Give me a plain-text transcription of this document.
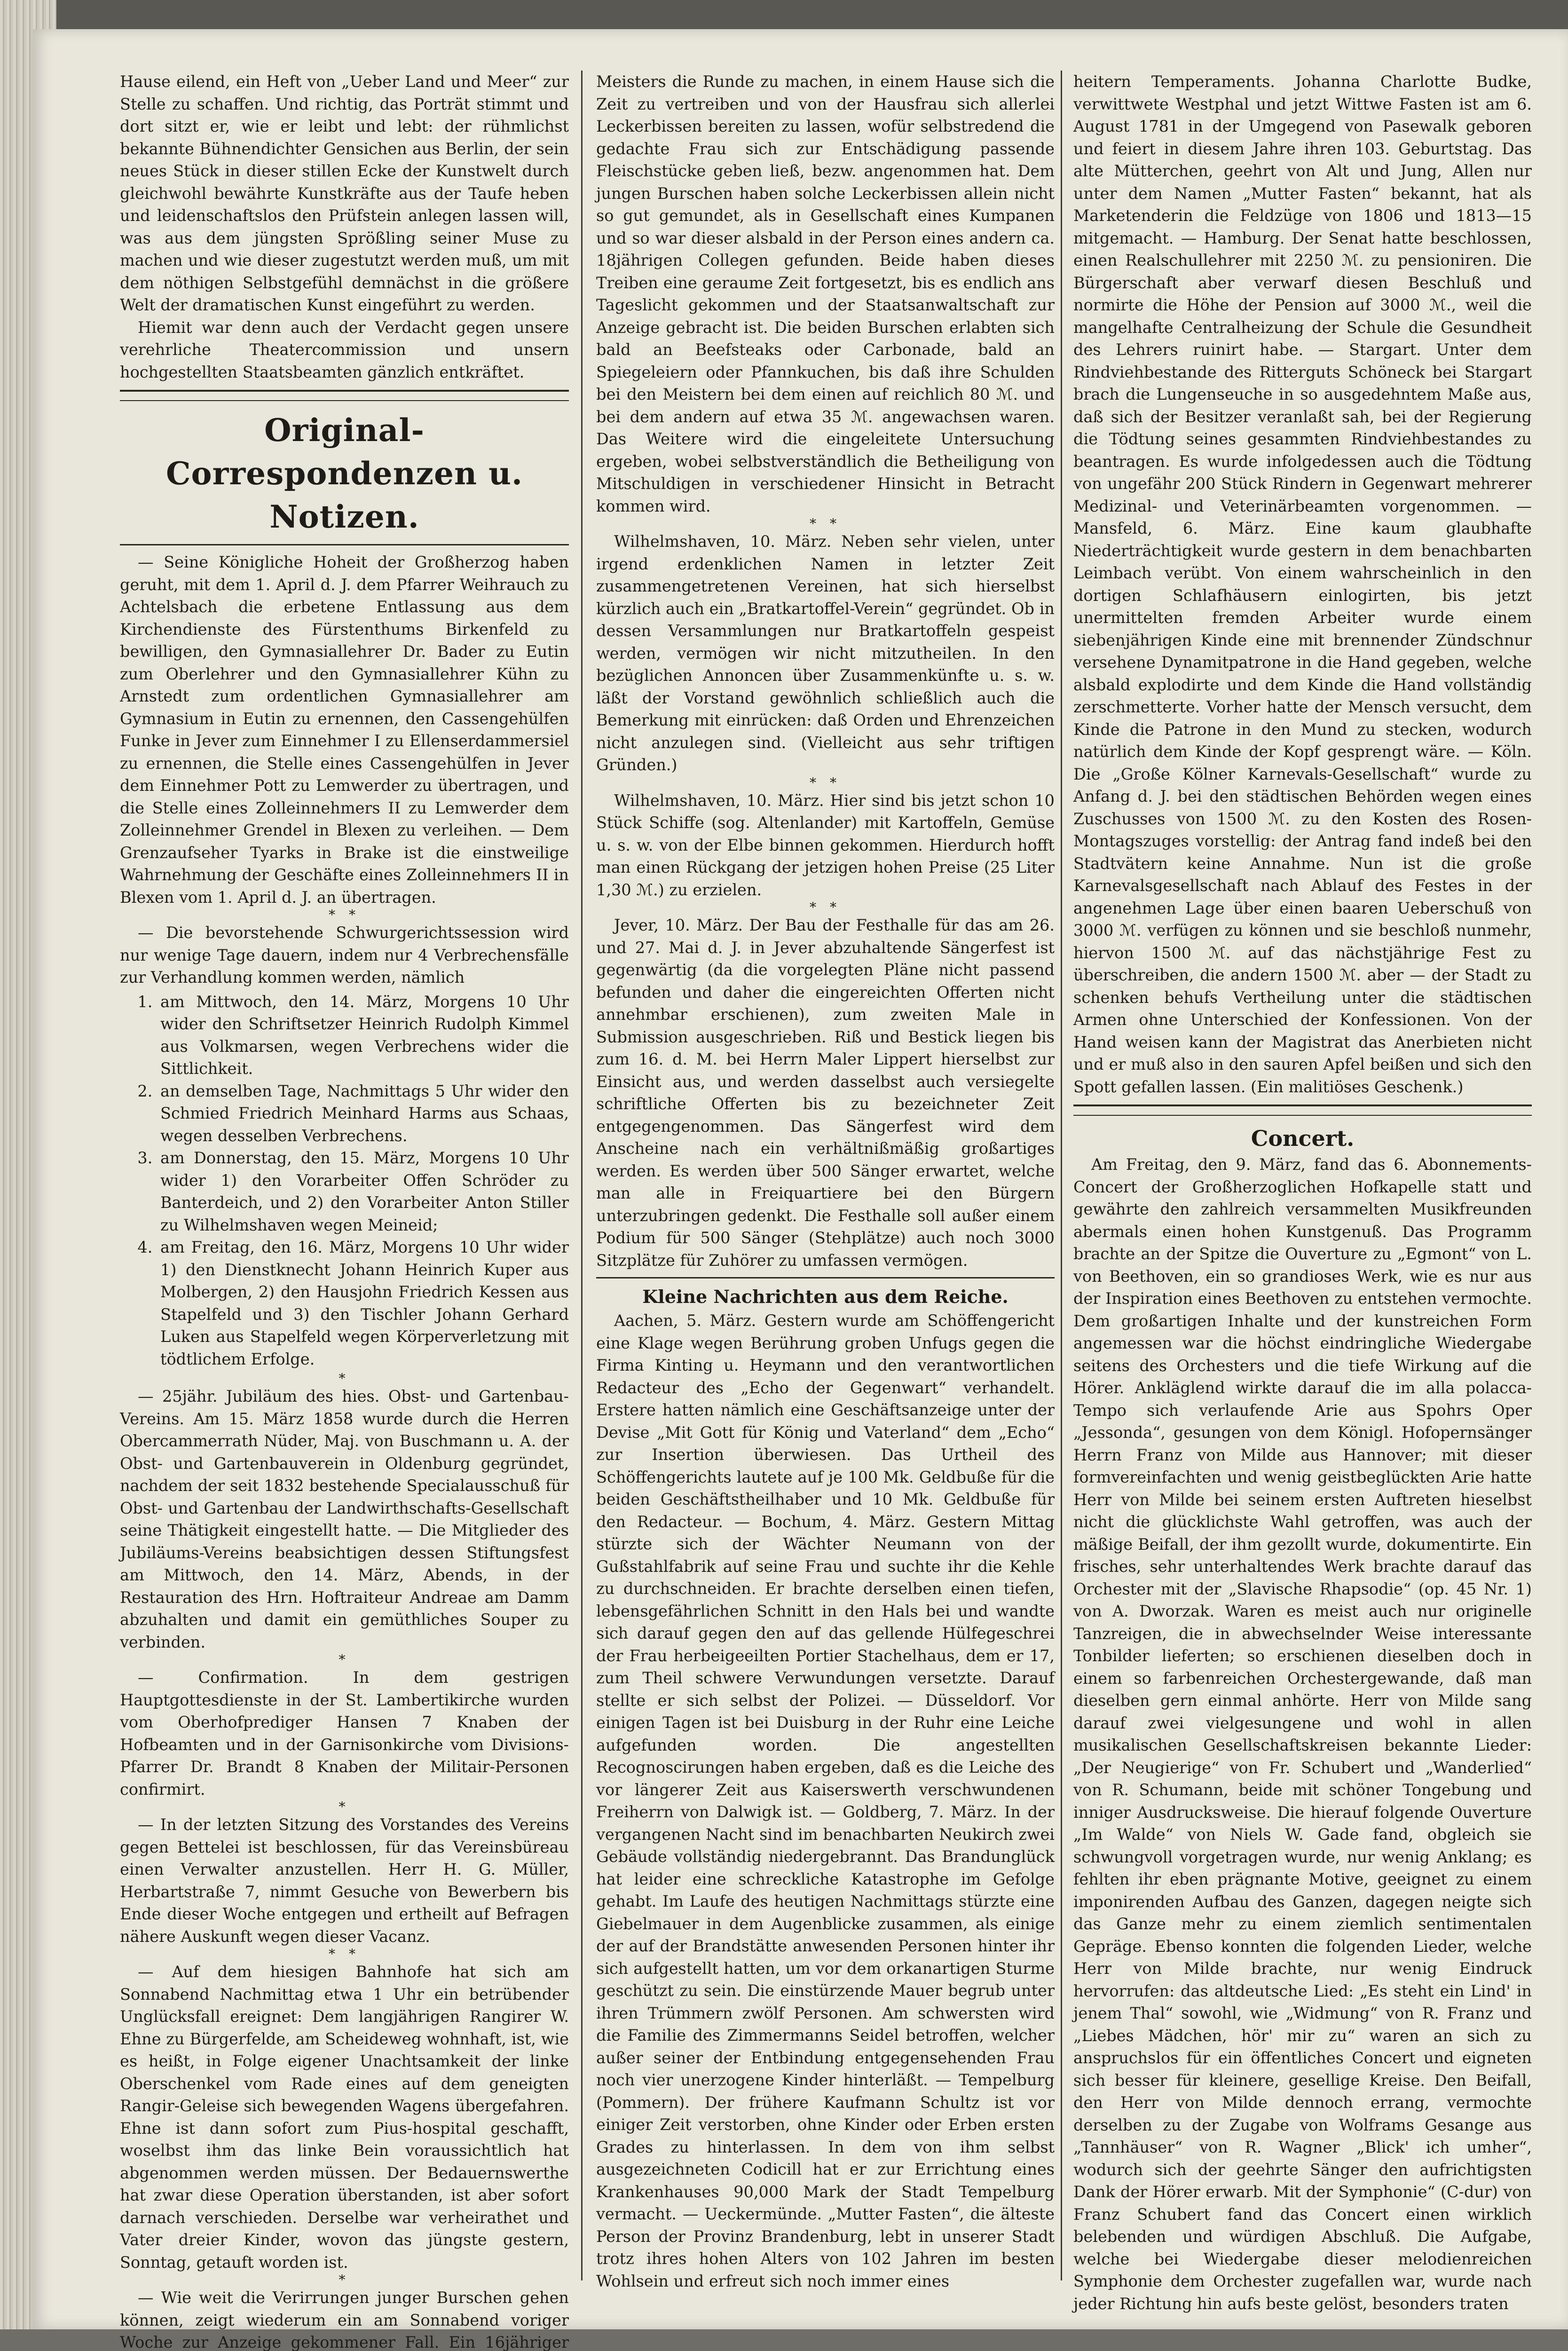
Hause eilend, ein Heft von „Ueber Land und Meer“ zur Stelle zu schaffen. Und richtig, das Porträt stimmt und dort sitzt er, wie er leibt und lebt: der rühmlichst bekannte Bühnendichter Gensichen aus Berlin, der sein neues Stück in dieser stillen Ecke der Kunstwelt durch gleichwohl bewährte Kunstkräfte aus der Taufe heben und leidenschaftslos den Prüfstein anlegen lassen will, was aus dem jüngsten Sprößling seiner Muse zu machen und wie dieser zugestutzt werden muß, um mit dem nöthigen Selbstgefühl demnächst in die größere Welt der dramatischen Kunst eingeführt zu werden.

Hiemit war denn auch der Verdacht gegen unsere verehrliche Theatercommission und unsern hochgestellten Staatsbeamten gänzlich entkräftet.

Original-Correspondenzen u. Notizen.

— Seine Königliche Hoheit der Großherzog haben geruht, mit dem 1. April d. J. dem Pfarrer Weihrauch zu Achtelsbach die erbetene Entlassung aus dem Kirchendienste des Fürstenthums Birkenfeld zu bewilligen, den Gymnasiallehrer Dr. Bader zu Eutin zum Oberlehrer und den Gymnasiallehrer Kühn zu Arnstedt zum ordentlichen Gymnasiallehrer am Gymnasium in Eutin zu ernennen, den Cassengehülfen Funke in Jever zum Einnehmer I zu Ellenserdammersiel zu ernennen, die Stelle eines Cassengehülfen in Jever dem Einnehmer Pott zu Lemwerder zu übertragen, und die Stelle eines Zolleinnehmers II zu Lemwerder dem Zolleinnehmer Grendel in Blexen zu verleihen. — Dem Grenzaufseher Tyarks in Brake ist die einstweilige Wahrnehmung der Geschäfte eines Zolleinnehmers II in Blexen vom 1. April d. J. an übertragen.

* *

— Die bevorstehende Schwurgerichtssession wird nur wenige Tage dauern, indem nur 4 Verbrechensfälle zur Verhandlung kommen werden, nämlich

1. am Mittwoch, den 14. März, Morgens 10 Uhr wider den Schriftsetzer Heinrich Rudolph Kimmel aus Volkmarsen, wegen Verbrechens wider die Sittlichkeit.
2. an demselben Tage, Nachmittags 5 Uhr wider den Schmied Friedrich Meinhard Harms aus Schaas, wegen desselben Verbrechens.
3. am Donnerstag, den 15. März, Morgens 10 Uhr wider 1) den Vorarbeiter Offen Schröder zu Banterdeich, und 2) den Vorarbeiter Anton Stiller zu Wilhelmshaven wegen Meineid;
4. am Freitag, den 16. März, Morgens 10 Uhr wider 1) den Dienstknecht Johann Heinrich Kuper aus Molbergen, 2) den Hausjohn Friedrich Kessen aus Stapelfeld und 3) den Tischler Johann Gerhard Luken aus Stapelfeld wegen Körperverletzung mit tödtlichem Erfolge.
*

— 25jähr. Jubiläum des hies. Obst- und Gartenbau-Vereins. Am 15. März 1858 wurde durch die Herren Obercammerrath Nüder, Maj. von Buschmann u. A. der Obst- und Gartenbauverein in Oldenburg gegründet, nachdem der seit 1832 bestehende Specialausschuß für Obst- und Gartenbau der Landwirthschafts-Gesellschaft seine Thätigkeit eingestellt hatte. — Die Mitglieder des Jubiläums-Vereins beabsichtigen dessen Stiftungsfest am Mittwoch, den 14. März, Abends, in der Restauration des Hrn. Hoftraiteur Andreae am Damm abzuhalten und damit ein gemüthliches Souper zu verbinden.

*

— Confirmation. In dem gestrigen Hauptgottesdienste in der St. Lambertikirche wurden vom Oberhofprediger Hansen 7 Knaben der Hofbeamten und in der Garnisonkirche vom Divisions-Pfarrer Dr. Brandt 8 Knaben der Militair-Personen confirmirt.

*

— In der letzten Sitzung des Vorstandes des Vereins gegen Bettelei ist beschlossen, für das Vereinsbüreau einen Verwalter anzustellen. Herr H. G. Müller, Herbartstraße 7, nimmt Gesuche von Bewerbern bis Ende dieser Woche entgegen und ertheilt auf Befragen nähere Auskunft wegen dieser Vacanz.

* *

— Auf dem hiesigen Bahnhofe hat sich am Sonnabend Nachmittag etwa 1 Uhr ein betrübender Unglücksfall ereignet: Dem langjährigen Rangirer W. Ehne zu Bürgerfelde, am Scheideweg wohnhaft, ist, wie es heißt, in Folge eigener Unachtsamkeit der linke Oberschenkel vom Rade eines auf dem geneigten Rangir-Geleise sich bewegenden Wagens übergefahren. Ehne ist dann sofort zum Pius-hospital geschafft, woselbst ihm das linke Bein voraussichtlich hat abgenommen werden müssen. Der Bedauernswerthe hat zwar diese Operation überstanden, ist aber sofort darnach verschieden. Derselbe war verheirathet und Vater dreier Kinder, wovon das jüngste gestern, Sonntag, getauft worden ist.

*

— Wie weit die Verirrungen junger Burschen gehen können, zeigt wiederum ein am Sonnabend voriger Woche zur Anzeige gekommener Fall. Ein 16jähriger

Meisters die Runde zu machen, in einem Hause sich die Zeit zu vertreiben und von der Hausfrau sich allerlei Leckerbissen bereiten zu lassen, wofür selbstredend die gedachte Frau sich zur Entschädigung passende Fleischstücke geben ließ, bezw. angenommen hat. Dem jungen Burschen haben solche Leckerbissen allein nicht so gut gemundet, als in Gesellschaft eines Kumpanen und so war dieser alsbald in der Person eines andern ca. 18jährigen Collegen gefunden. Beide haben dieses Treiben eine geraume Zeit fortgesetzt, bis es endlich ans Tageslicht gekommen und der Staatsanwaltschaft zur Anzeige gebracht ist. Die beiden Burschen erlabten sich bald an Beefsteaks oder Carbonade, bald an Spiegeleiern oder Pfannkuchen, bis daß ihre Schulden bei den Meistern bei dem einen auf reichlich 80 ℳ. und bei dem andern auf etwa 35 ℳ. angewachsen waren. Das Weitere wird die eingeleitete Untersuchung ergeben, wobei selbstverständlich die Betheiligung von Mitschuldigen in verschiedener Hinsicht in Betracht kommen wird.

* *

Wilhelmshaven, 10. März. Neben sehr vielen, unter irgend erdenklichen Namen in letzter Zeit zusammengetretenen Vereinen, hat sich hierselbst kürzlich auch ein „Bratkartoffel-Verein“ gegründet. Ob in dessen Versammlungen nur Bratkartoffeln gespeist werden, vermögen wir nicht mitzutheilen. In den bezüglichen Annoncen über Zusammenkünfte u. s. w. läßt der Vorstand gewöhnlich schließlich auch die Bemerkung mit einrücken: daß Orden und Ehrenzeichen nicht anzulegen sind. (Vielleicht aus sehr triftigen Gründen.)

* *

Wilhelmshaven, 10. März. Hier sind bis jetzt schon 10 Stück Schiffe (sog. Altenlander) mit Kartoffeln, Gemüse u. s. w. von der Elbe binnen gekommen. Hierdurch hofft man einen Rückgang der jetzigen hohen Preise (25 Liter 1,30 ℳ.) zu erzielen.

* *

Jever, 10. März. Der Bau der Festhalle für das am 26. und 27. Mai d. J. in Jever abzuhaltende Sängerfest ist gegenwärtig (da die vorgelegten Pläne nicht passend befunden und daher die eingereichten Offerten nicht annehmbar erschienen), zum zweiten Male in Submission ausgeschrieben. Riß und Bestick liegen bis zum 16. d. M. bei Herrn Maler Lippert hierselbst zur Einsicht aus, und werden dasselbst auch versiegelte schriftliche Offerten bis zu bezeichneter Zeit entgegengenommen. Das Sängerfest wird dem Anscheine nach ein verhältnißmäßig großartiges werden. Es werden über 500 Sänger erwartet, welche man alle in Freiquartiere bei den Bürgern unterzubringen gedenkt. Die Festhalle soll außer einem Podium für 500 Sänger (Stehplätze) auch noch 3000 Sitzplätze für Zuhörer zu umfassen vermögen.

Kleine Nachrichten aus dem Reiche.

Aachen, 5. März. Gestern wurde am Schöffengericht eine Klage wegen Berührung groben Unfugs gegen die Firma Kinting u. Heymann und den verantwortlichen Redacteur des „Echo der Gegenwart“ verhandelt. Erstere hatten nämlich eine Geschäftsanzeige unter der Devise „Mit Gott für König und Vaterland“ dem „Echo“ zur Insertion überwiesen. Das Urtheil des Schöffengerichts lautete auf je 100 Mk. Geldbuße für die beiden Geschäftstheilhaber und 10 Mk. Geldbuße für den Redacteur. — Bochum, 4. März. Gestern Mittag stürzte sich der Wächter Neumann von der Gußstahlfabrik auf seine Frau und suchte ihr die Kehle zu durchschneiden. Er brachte derselben einen tiefen, lebensgefährlichen Schnitt in den Hals bei und wandte sich darauf gegen den auf das gellende Hülfegeschrei der Frau herbeigeeilten Portier Stachelhaus, dem er 17, zum Theil schwere Verwundungen versetzte. Darauf stellte er sich selbst der Polizei. — Düsseldorf. Vor einigen Tagen ist bei Duisburg in der Ruhr eine Leiche aufgefunden worden. Die angestellten Recognoscirungen haben ergeben, daß es die Leiche des vor längerer Zeit aus Kaiserswerth verschwundenen Freiherrn von Dalwigk ist. — Goldberg, 7. März. In der vergangenen Nacht sind im benachbarten Neukirch zwei Gebäude vollständig niedergebrannt. Das Brandunglück hat leider eine schreckliche Katastrophe im Gefolge gehabt. Im Laufe des heutigen Nachmittags stürzte eine Giebelmauer in dem Augenblicke zusammen, als einige der auf der Brandstätte anwesenden Personen hinter ihr sich aufgestellt hatten, um vor dem orkanartigen Sturme geschützt zu sein. Die einstürzende Mauer begrub unter ihren Trümmern zwölf Personen. Am schwersten wird die Familie des Zimmermanns Seidel betroffen, welcher außer seiner der Entbindung entgegensehenden Frau noch vier unerzogene Kinder hinterläßt. — Tempelburg (Pommern). Der frühere Kaufmann Schultz ist vor einiger Zeit verstorben, ohne Kinder oder Erben ersten Grades zu hinterlassen. In dem von ihm selbst ausgezeichneten Codicill hat er zur Errichtung eines Krankenhauses 90,000 Mark der Stadt Tempelburg vermacht. — Ueckermünde. „Mutter Fasten“, die älteste Person der Provinz Brandenburg, lebt in unserer Stadt trotz ihres hohen Alters von 102 Jahren im besten Wohlsein und erfreut sich noch immer eines

heitern Temperaments. Johanna Charlotte Budke, verwittwete Westphal und jetzt Wittwe Fasten ist am 6. August 1781 in der Umgegend von Pasewalk geboren und feiert in diesem Jahre ihren 103. Geburtstag. Das alte Mütterchen, geehrt von Alt und Jung, Allen nur unter dem Namen „Mutter Fasten“ bekannt, hat als Marketenderin die Feldzüge von 1806 und 1813—15 mitgemacht. — Hamburg. Der Senat hatte beschlossen, einen Realschullehrer mit 2250 ℳ. zu pensioniren. Die Bürgerschaft aber verwarf diesen Beschluß und normirte die Höhe der Pension auf 3000 ℳ., weil die mangelhafte Centralheizung der Schule die Gesundheit des Lehrers ruinirt habe. — Stargart. Unter dem Rindviehbestande des Ritterguts Schöneck bei Stargart brach die Lungenseuche in so ausgedehntem Maße aus, daß sich der Besitzer veranlaßt sah, bei der Regierung die Tödtung seines gesammten Rindviehbestandes zu beantragen. Es wurde infolgedessen auch die Tödtung von ungefähr 200 Stück Rindern in Gegenwart mehrerer Medizinal- und Veterinärbeamten vorgenommen. — Mansfeld, 6. März. Eine kaum glaubhafte Niederträchtigkeit wurde gestern in dem benachbarten Leimbach verübt. Von einem wahrscheinlich in den dortigen Schlafhäusern einlogirten, bis jetzt unermittelten fremden Arbeiter wurde einem siebenjährigen Kinde eine mit brennender Zündschnur versehene Dynamitpatrone in die Hand gegeben, welche alsbald explodirte und dem Kinde die Hand vollständig zerschmetterte. Vorher hatte der Mensch versucht, dem Kinde die Patrone in den Mund zu stecken, wodurch natürlich dem Kinde der Kopf gesprengt wäre. — Köln. Die „Große Kölner Karnevals-Gesellschaft“ wurde zu Anfang d. J. bei den städtischen Behörden wegen eines Zuschusses von 1500 ℳ. zu den Kosten des Rosen-Montagszuges vorstellig: der Antrag fand indeß bei den Stadtvätern keine Annahme. Nun ist die große Karnevalsgesellschaft nach Ablauf des Festes in der angenehmen Lage über einen baaren Ueberschuß von 3000 ℳ. verfügen zu können und sie beschloß nunmehr, hiervon 1500 ℳ. auf das nächstjährige Fest zu überschreiben, die andern 1500 ℳ. aber — der Stadt zu schenken behufs Vertheilung unter die städtischen Armen ohne Unterschied der Konfessionen. Von der Hand weisen kann der Magistrat das Anerbieten nicht und er muß also in den sauren Apfel beißen und sich den Spott gefallen lassen. (Ein malitiöses Geschenk.)

Concert.

Am Freitag, den 9. März, fand das 6. Abonnements-Concert der Großherzoglichen Hofkapelle statt und gewährte den zahlreich versammelten Musikfreunden abermals einen hohen Kunstgenuß. Das Programm brachte an der Spitze die Ouverture zu „Egmont“ von L. von Beethoven, ein so grandioses Werk, wie es nur aus der Inspiration eines Beethoven zu entstehen vermochte. Dem großartigen Inhalte und der kunstreichen Form angemessen war die höchst eindringliche Wiedergabe seitens des Orchesters und die tiefe Wirkung auf die Hörer. Ankläglend wirkte darauf die im alla polacca-Tempo sich verlaufende Arie aus Spohrs Oper „Jessonda“, gesungen von dem Königl. Hofopernsänger Herrn Franz von Milde aus Hannover; mit dieser formvereinfachten und wenig geistbeglückten Arie hatte Herr von Milde bei seinem ersten Auftreten hieselbst nicht die glücklichste Wahl getroffen, was auch der mäßige Beifall, der ihm gezollt wurde, dokumentirte. Ein frisches, sehr unterhaltendes Werk brachte darauf das Orchester mit der „Slavische Rhapsodie“ (op. 45 Nr. 1) von A. Dworzak. Waren es meist auch nur originelle Tanzreigen, die in abwechselnder Weise interessante Tonbilder lieferten; so erschienen dieselben doch in einem so farbenreichen Orchestergewande, daß man dieselben gern einmal anhörte. Herr von Milde sang darauf zwei vielgesungene und wohl in allen musikalischen Gesellschaftskreisen bekannte Lieder: „Der Neugierige“ von Fr. Schubert und „Wanderlied“ von R. Schumann, beide mit schöner Tongebung und inniger Ausdrucksweise. Die hierauf folgende Ouverture „Im Walde“ von Niels W. Gade fand, obgleich sie schwungvoll vorgetragen wurde, nur wenig Anklang; es fehlten ihr eben prägnante Motive, geeignet zu einem imponirenden Aufbau des Ganzen, dagegen neigte sich das Ganze mehr zu einem ziemlich sentimentalen Gepräge. Ebenso konnten die folgenden Lieder, welche Herr von Milde brachte, nur wenig Eindruck hervorrufen: das altdeutsche Lied: „Es steht ein Lind' in jenem Thal“ sowohl, wie „Widmung“ von R. Franz und „Liebes Mädchen, hör' mir zu“ waren an sich zu anspruchslos für ein öffentliches Concert und eigneten sich besser für kleinere, gesellige Kreise. Den Beifall, den Herr von Milde dennoch errang, vermochte derselben zu der Zugabe von Wolframs Gesange aus „Tannhäuser“ von R. Wagner „Blick' ich umher“, wodurch sich der geehrte Sänger den aufrichtigsten Dank der Hörer erwarb. Mit der Symphonie“ (C-dur) von Franz Schubert fand das Concert einen wirklich belebenden und würdigen Abschluß. Die Aufgabe, welche bei Wiedergabe dieser melodienreichen Symphonie dem Orchester zugefallen war, wurde nach jeder Richtung hin aufs beste gelöst, besonders traten
